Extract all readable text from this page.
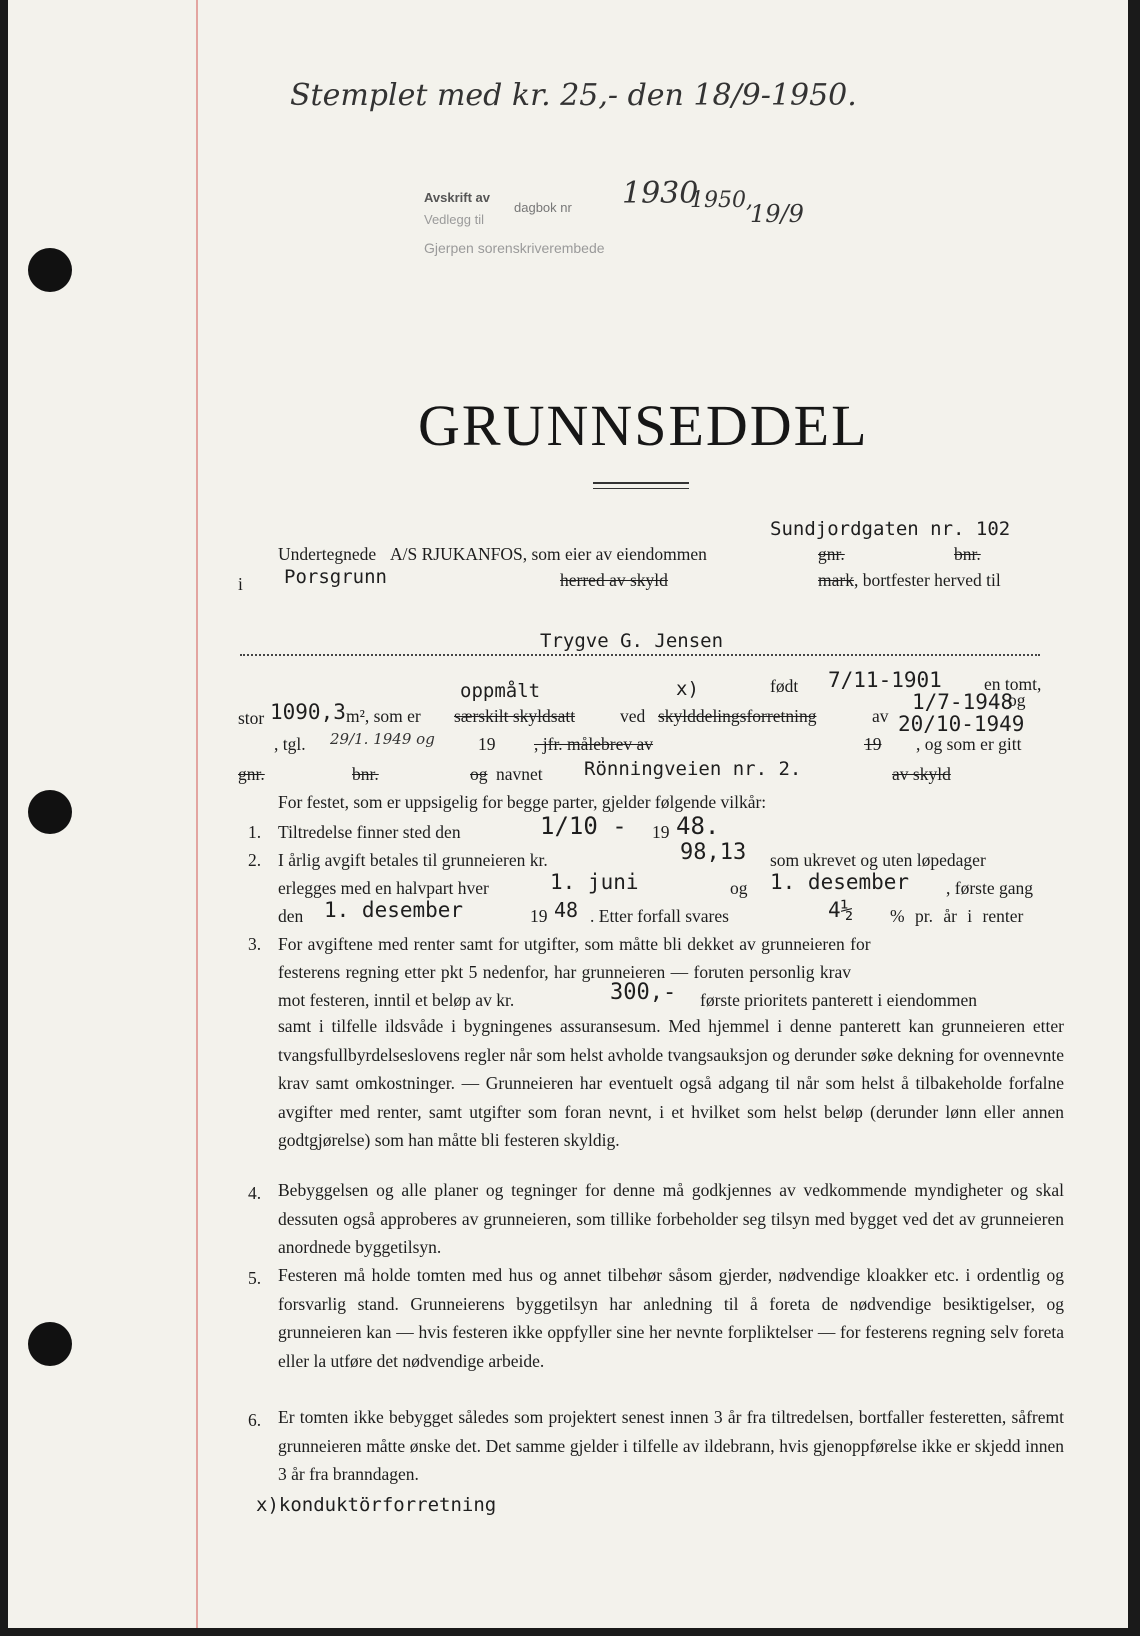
Stemplet med kr. 25,- den 18/9-1950.
Avskrift av
dagbok nr 1930
1950,
19/9
Vedlegg til
Gjerpen sorenskriverembede
GRUNNSEDDEL
Sundjordgaten nr. 102
Undertegnede A/S RJUKANFOS, som eier av eiendommen	gnr.	bnr.
i Porsgrunn	herred av skyld	mark, bortfester herved til
Trygve G. Jensen
oppmålt	x)	født 7/11-1901 en tomt,
stor 1090,3 m², som er særskilt skyldsatt	ved skylddelingsforretning	av
1/7-1948
og
20/10-1949
, tgl. 29/1. 1949 og 19 , jfr. målebrev av	19 , og som er gitt
gnr.	bnr.	og navnet Rönningveien nr. 2.	av skyld
For festet, som er uppsigelig for begge parter, gjelder følgende vilkår:
1. Tiltredelse finner sted den	1/10 - 19 48.
2. I årlig avgift betales til grunneieren kr.	98,13 som ukrevet og uten løpedager
erlegges med en halvpart hver	1. juni	og 1. desember , første gang
den 1. desember	19 48 . Etter forfall svares	4½ % pr. år i renter
3. For avgiftene med renter samt for utgifter, som måtte bli dekket av grunneieren for
festerens regning etter pkt 5 nedenfor, har grunneieren — foruten personlig krav
mot festeren, inntil et beløp av kr.	300,- første prioritets panterett i eiendommen
samt i tilfelle ildsvåde i bygningenes assuransesum. Med hjemmel i denne panterett kan grunneieren etter tvangsfullbyrdelseslovens regler når som helst avholde tvangsauksjon og derunder søke dekning for ovennevnte krav samt omkostninger. — Grunneieren har eventuelt også adgang til når som helst å tilbakeholde forfalne avgifter med renter, samt utgifter som foran nevnt, i et hvilket som helst beløp (derunder lønn eller annen godtgjørelse) som han måtte bli festeren skyldig.
4. Bebyggelsen og alle planer og tegninger for denne må godkjennes av vedkommende myndigheter og skal dessuten også approberes av grunneieren, som tillike forbeholder seg tilsyn med bygget ved det av grunneieren anordnede byggetilsyn.
5. Festeren må holde tomten med hus og annet tilbehør såsom gjerder, nødvendige kloakker etc. i ordentlig og forsvarlig stand. Grunneierens byggetilsyn har anledning til å foreta de nødvendige besiktigelser, og grunneieren kan — hvis festeren ikke oppfyller sine her nevnte forpliktelser — for festerens regning selv foreta eller la utføre det nødvendige arbeide.
6. Er tomten ikke bebygget således som projektert senest innen 3 år fra tiltredelsen, bortfaller festeretten, såfremt grunneieren måtte ønske det. Det samme gjelder i tilfelle av ildebrann, hvis gjenoppførelse ikke er skjedd innen 3 år fra branndagen.
x)konduktörforretning
